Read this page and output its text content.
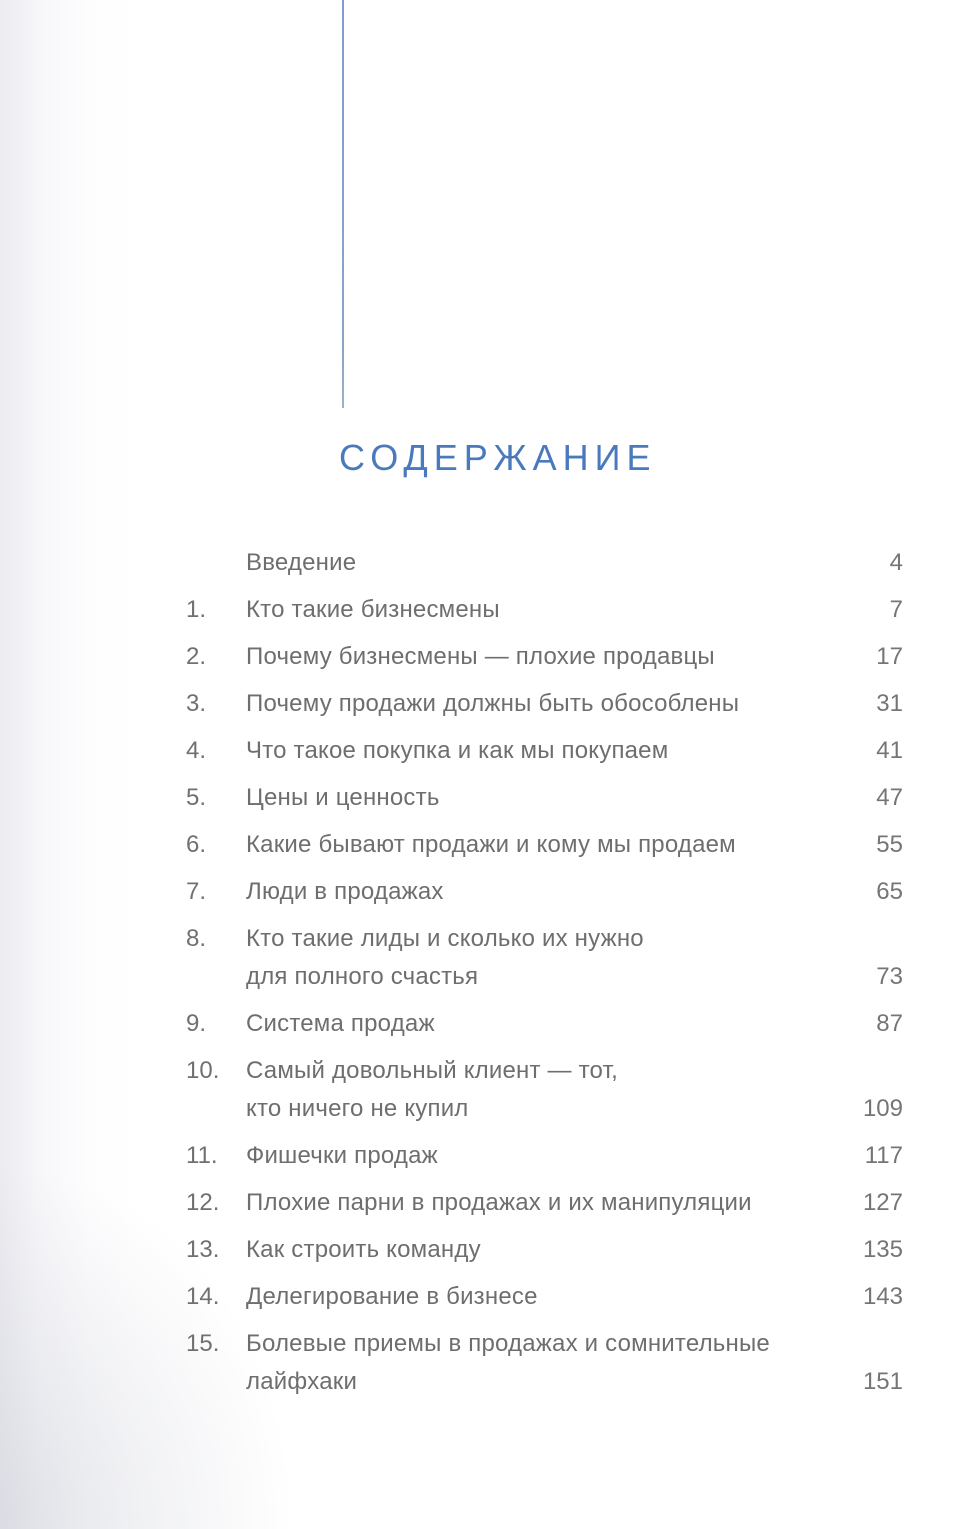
СОДЕРЖАНИЕ
Введение	4
1.	Кто такие бизнесмены	7
2.	Почему бизнесмены — плохие продавцы	17
3.	Почему продажи должны быть обособлены	31
4.	Что такое покупка и как мы покупаем	41
5.	Цены и ценность	47
6.	Какие бывают продажи и кому мы продаем	55
7.	Люди в продажах	65
8.	Кто такие лиды и сколько их нужно
для полного счастья	73
9.	Система продаж	87
10.	Самый довольный клиент — тот,
кто ничего не купил	109
11.	Фишечки продаж	117
12.	Плохие парни в продажах и их манипуляции	127
13.	Как строить команду	135
14.	Делегирование в бизнесе	143
15.	Болевые приемы в продажах и сомнительные
лайфхаки	151
